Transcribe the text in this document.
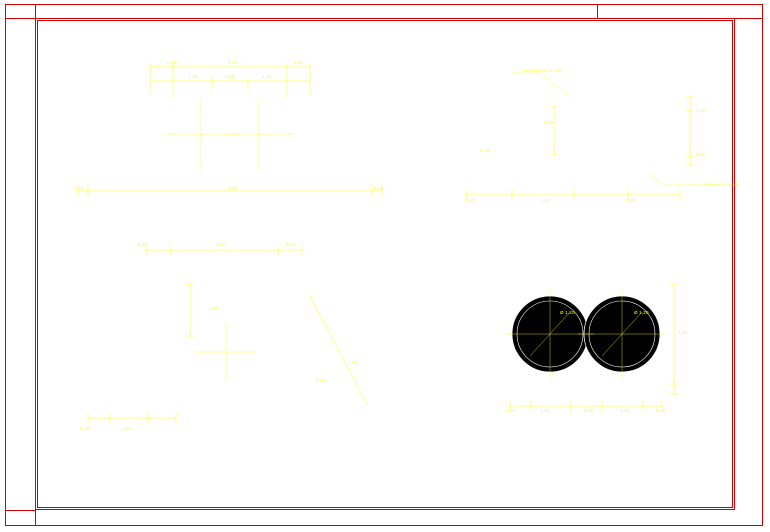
0,30	2,60	0,30
1,20	0,30	1,20
0,15	4,00	0,15
ALZADO
HORMIGON H-200
HORMIGON H-180
0,20
1,20
0,30
0,15
0,20	1,20	0,20
SECCION A-A
A
A
B	B
0,30	2,60	0,30
1,00
0,30	1,00
1,50
4,00
PLANTA
Ø 1,20	Ø 1,20
1,20
0,20	1,20	0,20	1,20	0,20
SECCION B-B
CAÑO Ø 1,20
DRENAJE TRANSVERSAL
